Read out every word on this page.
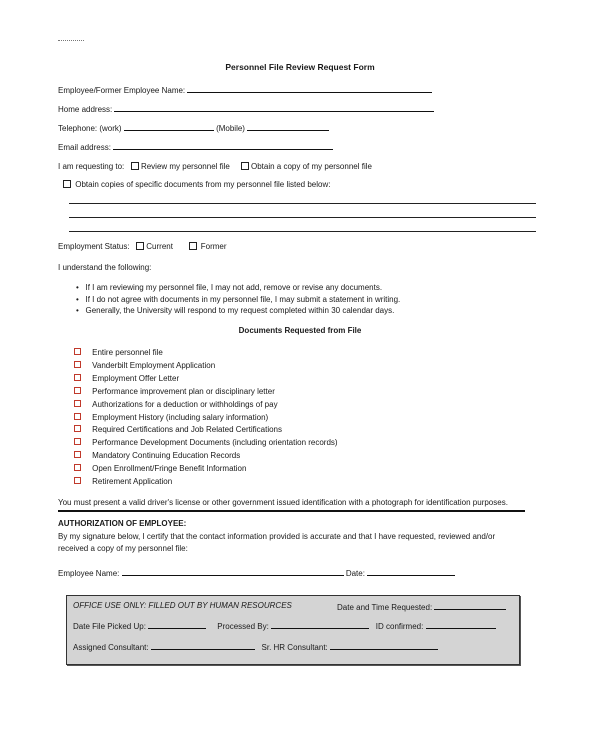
Personnel File Review Request Form
Employee/Former Employee Name:
Home address:
Telephone: (work)	(Mobile)
Email address:
I am requesting to: Review my personnel file	Obtain a copy of my personnel file
Obtain copies of specific documents from my personnel file listed below:
Employment Status: Current	Former
I understand the following:
•   If I am reviewing my personnel file, I may not add, remove or revise any documents.
•   If I do not agree with documents in my personnel file, I may submit a statement in writing.
•   Generally, the University will respond to my request completed within 30 calendar days.
Documents Requested from File
Entire personnel file
Vanderbilt Employment Application
Employment Offer Letter
Performance improvement plan or disciplinary letter
Authorizations for a deduction or withholdings of pay
Employment History (including salary information)
Required Certifications and Job Related Certifications
Performance Development Documents (including orientation records)
Mandatory Continuing Education Records
Open Enrollment/Fringe Benefit Information
Retirement Application
You must present a valid driver's license or other government issued identification with a photograph for identification purposes.
AUTHORIZATION OF EMPLOYEE:
By my signature below, I certify that the contact information provided is accurate and that I have requested, reviewed and/or
received a copy of my personnel file:
Employee Name:	Date:
OFFICE USE ONLY: FILLED OUT BY HUMAN RESOURCES	Date and Time Requested:
Date File Picked Up:	Processed By:	ID confirmed:
Assigned Consultant:	Sr. HR Consultant:
